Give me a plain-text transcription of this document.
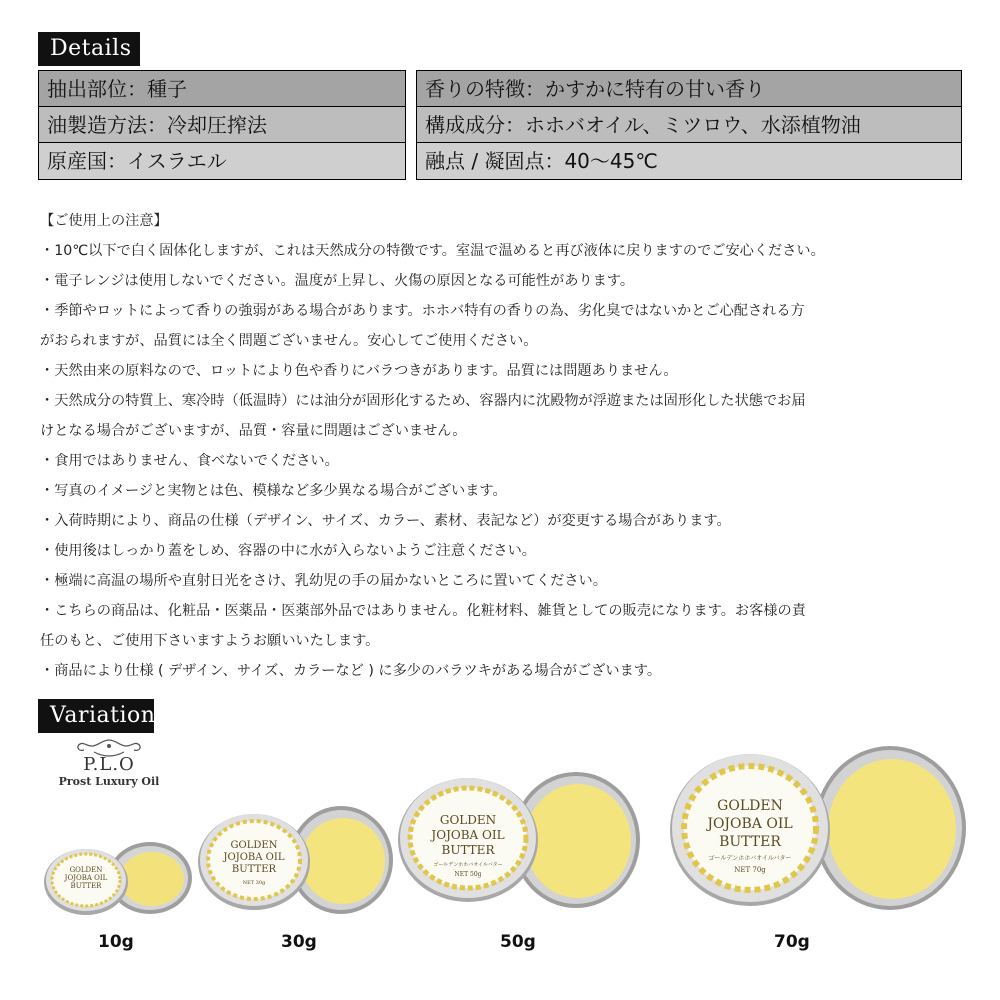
Details
抽出部位：種子
油製造方法：冷却圧搾法
原産国：イスラエル
香りの特徴：かすかに特有の甘い香り
構成成分：ホホバオイル、ミツロウ、水添植物油
融点 / 凝固点：40〜45℃

【ご使用上の注意】

・10℃以下で白く固体化しますが、これは天然成分の特徴です。室温で温めると再び液体に戻りますのでご安心ください。

・電子レンジは使用しないでください。温度が上昇し、火傷の原因となる可能性があります。

・季節やロットによって香りの強弱がある場合があります。ホホバ特有の香りの為、劣化臭ではないかとご心配される方

がおられますが、品質には全く問題ございません。安心してご使用ください。

・天然由来の原料なので、ロットにより色や香りにバラつきがあります。品質には問題ありません。

・天然成分の特質上、寒冷時（低温時）には油分が固形化するため、容器内に沈殿物が浮遊または固形化した状態でお届

けとなる場合がございますが、品質・容量に問題はございません。

・食用ではありません、食べないでください。

・写真のイメージと実物とは色、模様など多少異なる場合がございます。

・入荷時期により、商品の仕様（デザイン、サイズ、カラー、素材、表記など）が変更する場合があります。

・使用後はしっかり蓋をしめ、容器の中に水が入らないようご注意ください。

・極端に高温の場所や直射日光をさけ、乳幼児の手の届かないところに置いてください。

・こちらの商品は、化粧品・医薬品・医薬部外品ではありません。化粧材料、雑貨としての販売になります。お客様の責

任のもと、ご使用下さいますようお願いいたします。

・商品により仕様 ( デザイン、サイズ、カラーなど ) に多少のバラツキがある場合がございます。

Variation
P.L.O
Prost Luxury Oil
GOLDEN
JOJOBA OIL
BUTTER
10g
GOLDEN
JOJOBA OIL
BUTTER
NET 30g
30g
GOLDEN
JOJOBA OIL
BUTTER
ゴールデンホホバオイルバター
NET 50g
50g
GOLDEN
JOJOBA OIL
BUTTER
ゴールデンホホバオイルバター
NET 70g
70g
